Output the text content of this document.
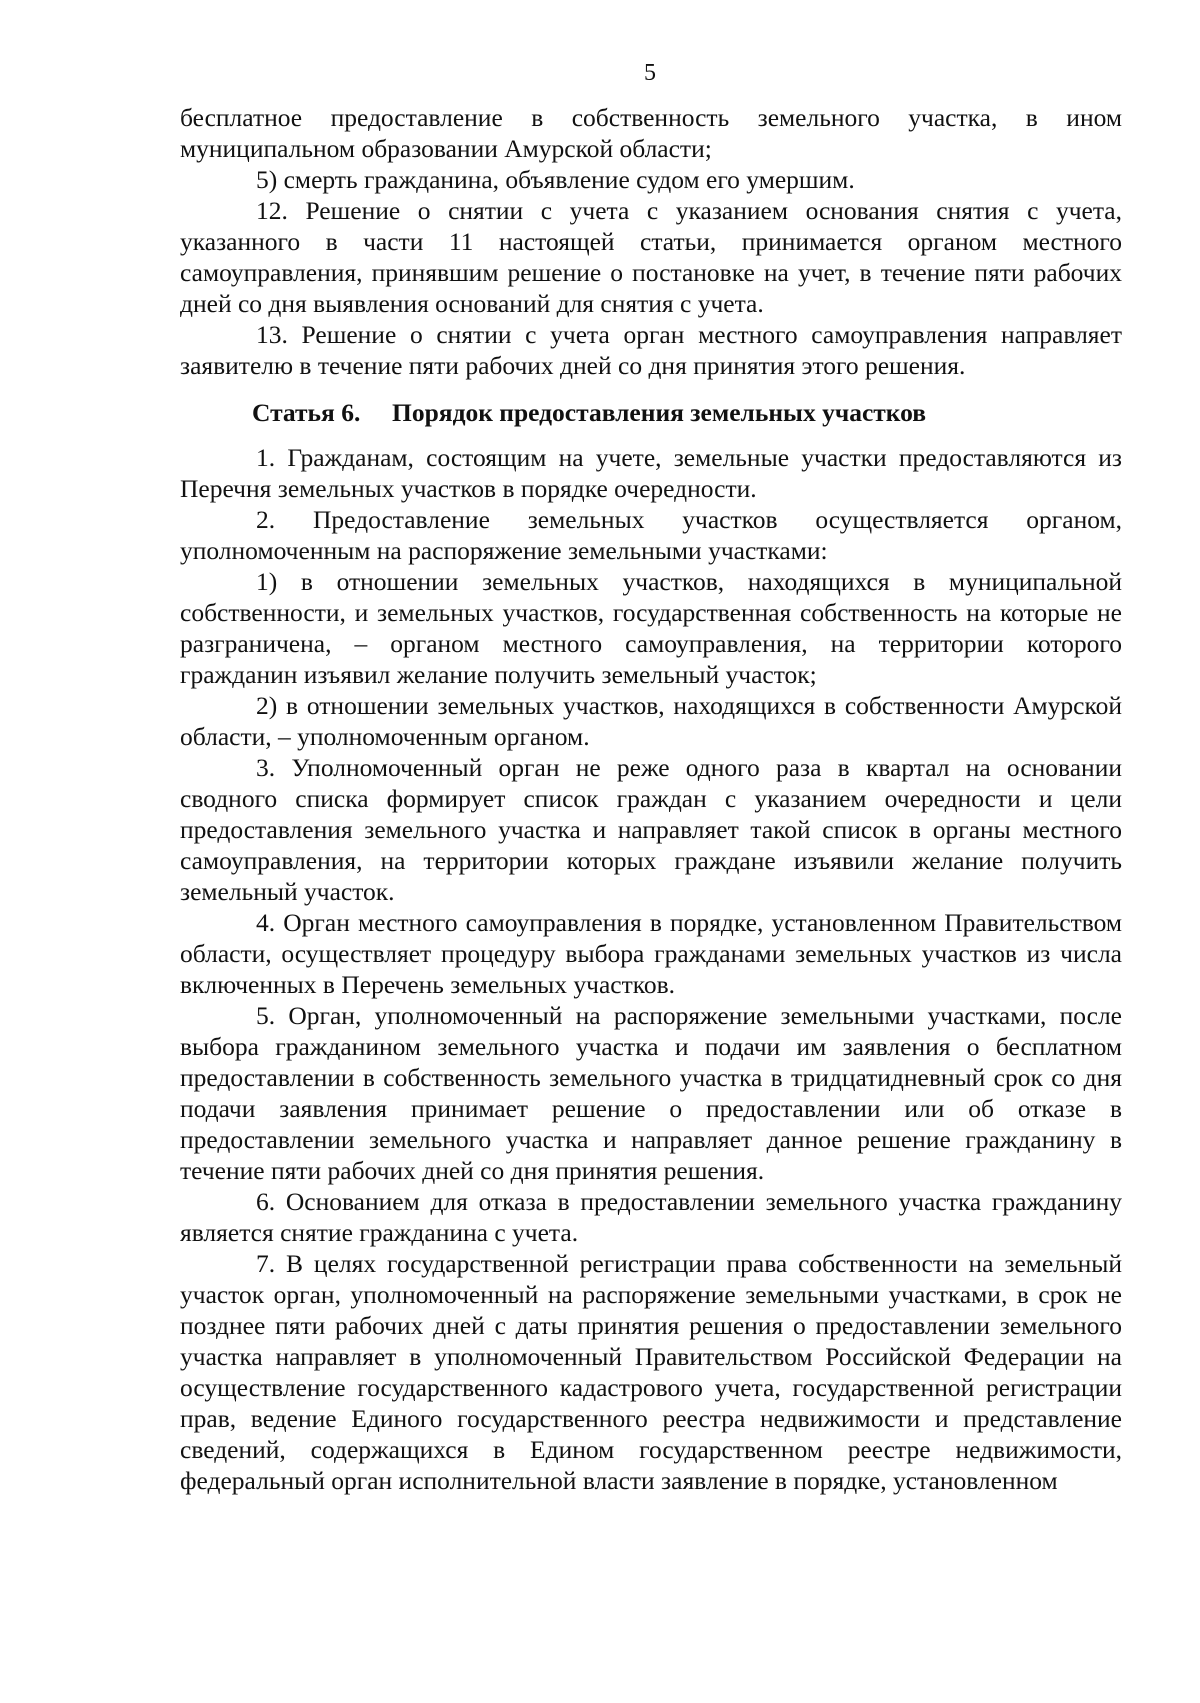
5

бесплатное предоставление в собственность земельного участка, в ином муниципальном образовании Амурской области;

5) смерть гражданина, объявление судом его умершим.

12. Решение о снятии с учета с указанием основания снятия с учета, указанного в части 11 настоящей статьи, принимается органом местного самоуправления, принявшим решение о постановке на учет, в течение пяти рабочих дней со дня выявления оснований для снятия с учета.

13. Решение о снятии с учета орган местного самоуправления направляет заявителю в течение пяти рабочих дней со дня принятия этого решения.

Статья 6. Порядок предоставления земельных участков

1. Гражданам, состоящим на учете, земельные участки предоставляются из Перечня земельных участков в порядке очередности.

2. Предоставление земельных участков осуществляется органом, уполномоченным на распоряжение земельными участками:

1) в отношении земельных участков, находящихся в муниципальной собственности, и земельных участков, государственная собственность на которые не разграничена, – органом местного самоуправления, на территории которого гражданин изъявил желание получить земельный участок;

2) в отношении земельных участков, находящихся в собственности Амурской области, – уполномоченным органом.

3. Уполномоченный орган не реже одного раза в квартал на основании сводного списка формирует список граждан с указанием очередности и цели предоставления земельного участка и направляет такой список в органы местного самоуправления, на территории которых граждане изъявили желание получить земельный участок.

4. Орган местного самоуправления в порядке, установленном Правительством области, осуществляет процедуру выбора гражданами земельных участков из числа включенных в Перечень земельных участков.

5. Орган, уполномоченный на распоряжение земельными участками, после выбора гражданином земельного участка и подачи им заявления о бесплатном предоставлении в собственность земельного участка в тридцатидневный срок со дня подачи заявления принимает решение о предоставлении или об отказе в предоставлении земельного участка и направляет данное решение гражданину в течение пяти рабочих дней со дня принятия решения.

6. Основанием для отказа в предоставлении земельного участка гражданину является снятие гражданина с учета.

7. В целях государственной регистрации права собственности на земельный участок орган, уполномоченный на распоряжение земельными участками, в срок не позднее пяти рабочих дней с даты принятия решения о предоставлении земельного участка направляет в уполномоченный Правительством Российской Федерации на осуществление государственного кадастрового учета, государственной регистрации прав, ведение Единого государственного реестра недвижимости и представление сведений, содержащихся в Едином государственном реестре недвижимости, федеральный орган исполнительной власти заявление в порядке, установленном
